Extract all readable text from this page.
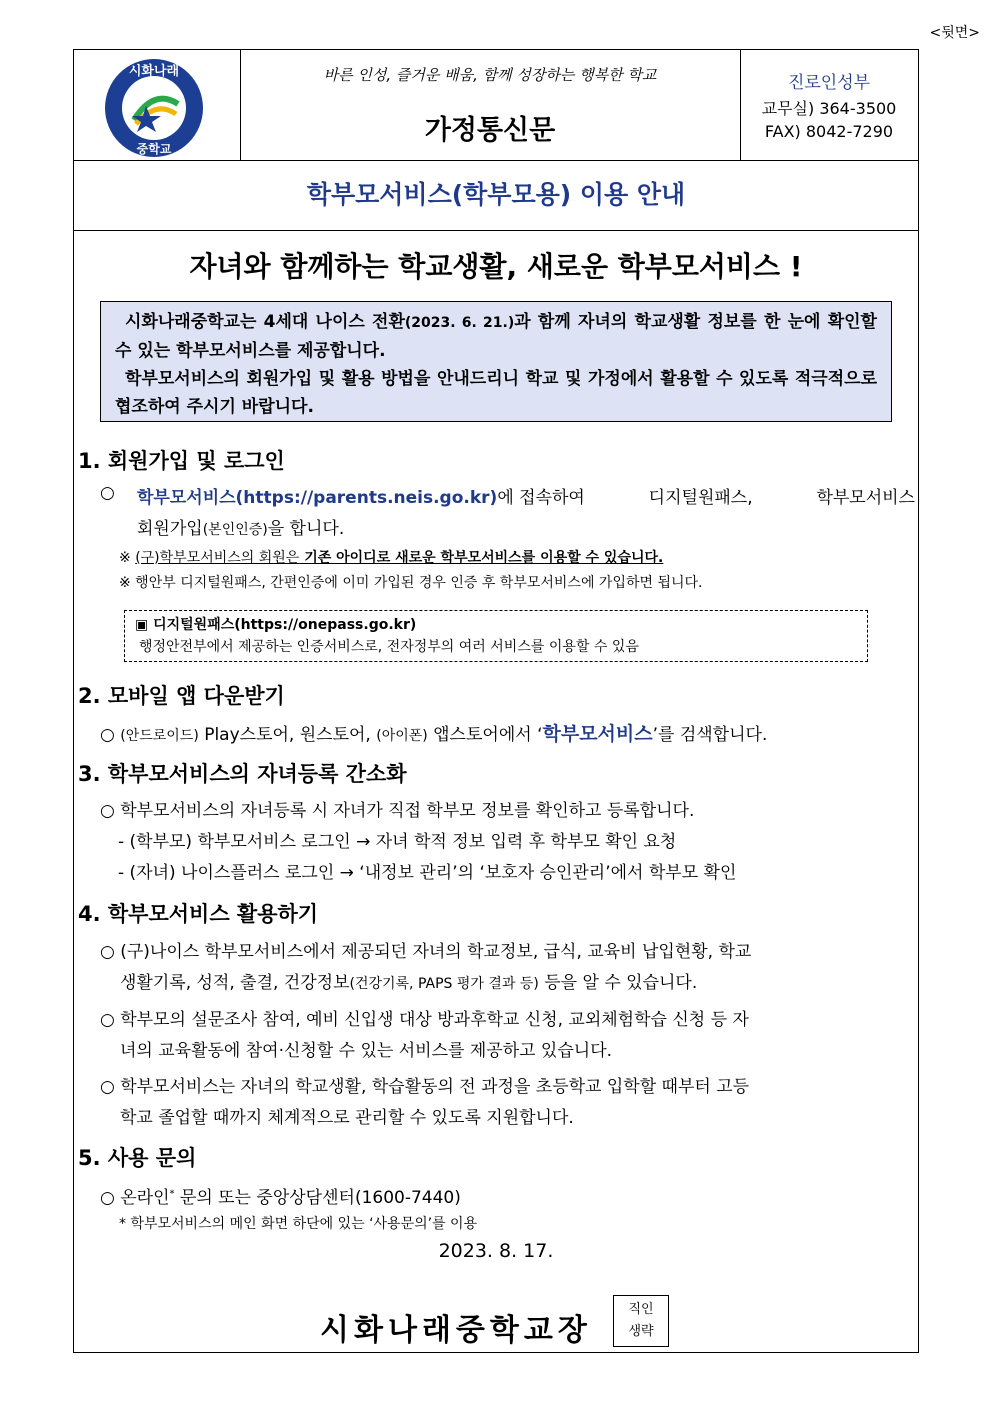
<뒷면>
시화나래
중학교
바른 인성, 즐거운 배움, 함께 성장하는 행복한 학교
가정통신문
진로인성부
교무실) 364-3500
FAX) 8042-7290
학부모서비스(학부모용) 이용 안내
자녀와 함께하는 학교생활, 새로운 학부모서비스 !

시화나래중학교는 4세대 나이스 전환(2023. 6. 21.)과 함께 자녀의 학교생활 정보를 한 눈에 확인할 수 있는 학부모서비스를 제공합니다.

학부모서비스의 회원가입 및 활용 방법을 안내드리니 학교 및 가정에서 활용할 수 있도록 적극적으로 협조하여 주시기 바랍니다.

1. 회원가입 및 로그인
○ 학부모서비스(https://parents.neis.go.kr)에 접속하여	디지털원패스,	학부모서비스
회원가입(본인인증)을 합니다.
※ (구)학부모서비스의 회원은 기존 아이디로 새로운 학부모서비스를 이용할 수 있습니다.
※ 행안부 디지털원패스, 간편인증에 이미 가입된 경우 인증 후 학부모서비스에 가입하면 됩니다.
▣ 디지털원패스(https://onepass.go.kr)
행정안전부에서 제공하는 인증서비스로, 전자정부의 여러 서비스를 이용할 수 있음
2. 모바일 앱 다운받기
○ (안드로이드) Play스토어, 원스토어, (아이폰) 앱스토어에서 ‘학부모서비스’를 검색합니다.
3. 학부모서비스의 자녀등록 간소화
○ 학부모서비스의 자녀등록 시 자녀가 직접 학부모 정보를 확인하고 등록합니다.
- (학부모) 학부모서비스 로그인 → 자녀 학적 정보 입력 후 학부모 확인 요청
- (자녀) 나이스플러스 로그인 → ‘내정보 관리’의 ‘보호자 승인관리’에서 학부모 확인
4. 학부모서비스 활용하기
○ (구)나이스 학부모서비스에서 제공되던 자녀의 학교정보, 급식, 교육비 납입현황, 학교
생활기록, 성적, 출결, 건강정보(건강기록, PAPS 평가 결과 등) 등을 알 수 있습니다.
○ 학부모의 설문조사 참여, 예비 신입생 대상 방과후학교 신청, 교외체험학습 신청 등 자
녀의 교육활동에 참여·신청할 수 있는 서비스를 제공하고 있습니다.
○ 학부모서비스는 자녀의 학교생활, 학습활동의 전 과정을 초등학교 입학할 때부터 고등
학교 졸업할 때까지 체계적으로 관리할 수 있도록 지원합니다.
5. 사용 문의
○ 온라인* 문의 또는 중앙상담센터(1600-7440)
* 학부모서비스의 메인 화면 하단에 있는 ‘사용문의’를 이용
2023. 8. 17.
시화나래중학교장
직인
생략
